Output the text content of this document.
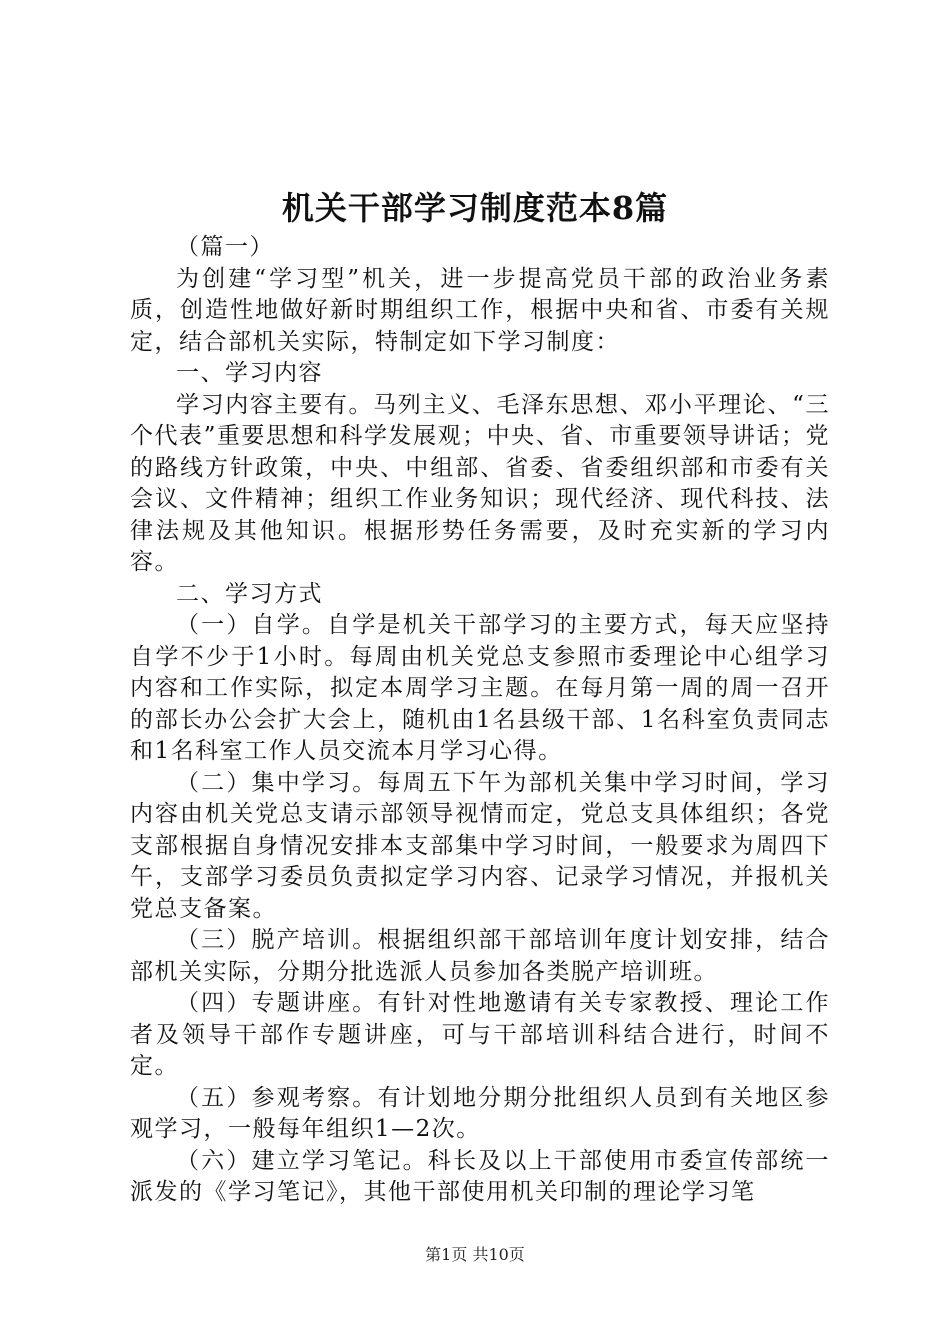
机关干部学习制度范本8篇

（篇一）

为创建“学习型”机关，进一步提高党员干部的政治业务素质，创造性地做好新时期组织工作，根据中央和省、市委有关规定，结合部机关实际，特制定如下学习制度：

一、学习内容

学习内容主要有。马列主义、毛泽东思想、邓小平理论、“三个代表”重要思想和科学发展观；中央、省、市重要领导讲话；党的路线方针政策，中央、中组部、省委、省委组织部和市委有关会议、文件精神；组织工作业务知识；现代经济、现代科技、法律法规及其他知识。根据形势任务需要，及时充实新的学习内容。

二、学习方式

（一）自学。自学是机关干部学习的主要方式，每天应坚持自学不少于1小时。每周由机关党总支参照市委理论中心组学习内容和工作实际，拟定本周学习主题。在每月第一周的周一召开的部长办公会扩大会上，随机由1名县级干部、1名科室负责同志和1名科室工作人员交流本月学习心得。

（二）集中学习。每周五下午为部机关集中学习时间，学习内容由机关党总支请示部领导视情而定，党总支具体组织；各党支部根据自身情况安排本支部集中学习时间，一般要求为周四下午，支部学习委员负责拟定学习内容、记录学习情况，并报机关党总支备案。

（三）脱产培训。根据组织部干部培训年度计划安排，结合部机关实际，分期分批选派人员参加各类脱产培训班。

（四）专题讲座。有针对性地邀请有关专家教授、理论工作者及领导干部作专题讲座，可与干部培训科结合进行，时间不定。

（五）参观考察。有计划地分期分批组织人员到有关地区参观学习，一般每年组织1—2次。

（六）建立学习笔记。科长及以上干部使用市委宣传部统一派发的《学习笔记》，其他干部使用机关印制的理论学习笔

第1页 共10页
